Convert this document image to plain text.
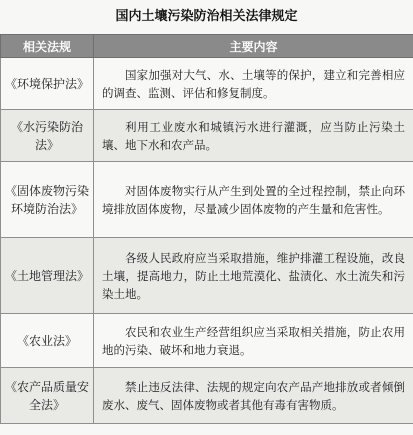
国内土壤污染防治相关法律规定
相关法规	主要内容
《环境保护法》	国家加强对大气、水、土壤等的保护，建立和完善相应的调查、监测、评估和修复制度。
《水污染防治法》	利用工业废水和城镇污水进行灌溉，应当防止污染土壤、地下水和农产品。
《固体废物污染环境防治法》	对固体废物实行从产生到处置的全过程控制，禁止向环境排放固体废物，尽量减少固体废物的产生量和危害性。
《土地管理法》	各级人民政府应当采取措施，维护排灌工程设施，改良土壤，提高地力，防止土地荒漠化、盐渍化、水土流失和污染土地。
《农业法》	农民和农业生产经营组织应当采取相关措施，防止农用地的污染、破坏和地力衰退。
《农产品质量安全法》	禁止违反法律、法规的规定向农产品产地排放或者倾倒废水、废气、固体废物或者其他有毒有害物质。
